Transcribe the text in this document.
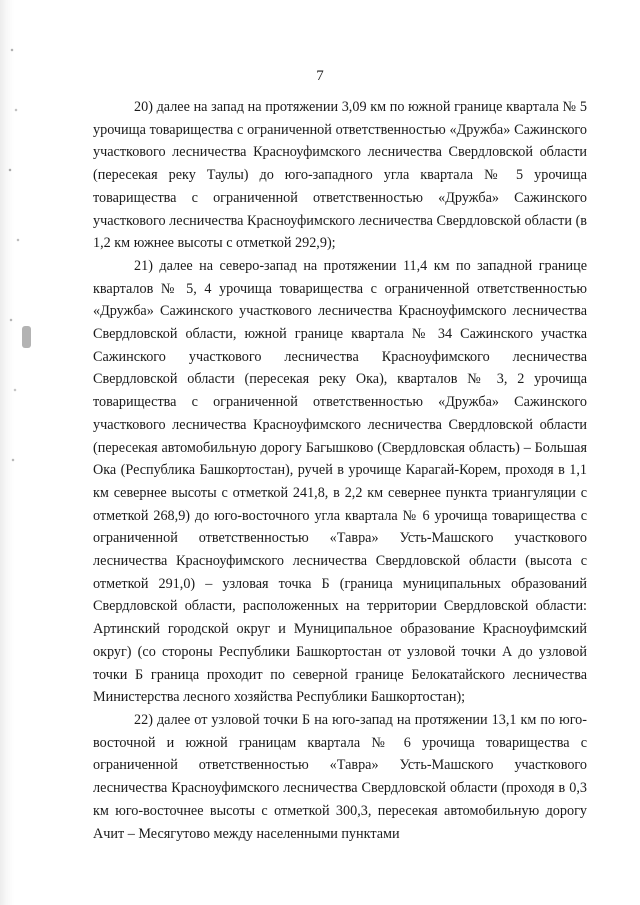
7

20) далее на запад на протяжении 3,09 км по южной границе квартала № 5 урочища товарищества с ограниченной ответственностью «Дружба» Сажинского участкового лесничества Красноуфимского лесничества Свердловской области (пересекая реку Таулы) до юго-западного угла квартала № 5 урочища товарищества с ограниченной ответственностью «Дружба» Сажинского участкового лесничества Красноуфимского лесничества Свердловской области (в 1,2 км южнее высоты с отметкой 292,9);

21) далее на северо-запад на протяжении 11,4 км по западной границе кварталов № 5, 4 урочища товарищества с ограниченной ответственностью «Дружба» Сажинского участкового лесничества Красноуфимского лесничества Свердловской области, южной границе квартала № 34 Сажинского участка Сажинского участкового лесничества Красноуфимского лесничества Свердловской области (пересекая реку Ока), кварталов № 3, 2 урочища товарищества с ограниченной ответственностью «Дружба» Сажинского участкового лесничества Красноуфимского лесничества Свердловской области (пересекая автомобильную дорогу Багышково (Свердловская область) – Большая Ока (Республика Башкортостан), ручей в урочище Карагай-Корем, проходя в 1,1 км севернее высоты с отметкой 241,8, в 2,2 км севернее пункта триангуляции с отметкой 268,9) до юго-восточного угла квартала № 6 урочища товарищества с ограниченной ответственностью «Тавра» Усть-Машского участкового лесничества Красноуфимского лесничества Свердловской области (высота с отметкой 291,0) – узловая точка Б (граница муниципальных образований Свердловской области, расположенных на территории Свердловской области: Артинский городской округ и Муниципальное образование Красноуфимский округ) (со стороны Республики Башкортостан от узловой точки А до узловой точки Б граница проходит по северной границе Белокатайского лесничества Министерства лесного хозяйства Республики Башкортостан);

22) далее от узловой точки Б на юго-запад на протяжении 13,1 км по юго-восточной и южной границам квартала № 6 урочища товарищества с ограниченной ответственностью «Тавра» Усть-Машского участкового лесничества Красноуфимского лесничества Свердловской области (проходя в 0,3 км юго-восточнее высоты с отметкой 300,3, пересекая автомобильную дорогу Ачит – Месягутово между населенными пунктами
